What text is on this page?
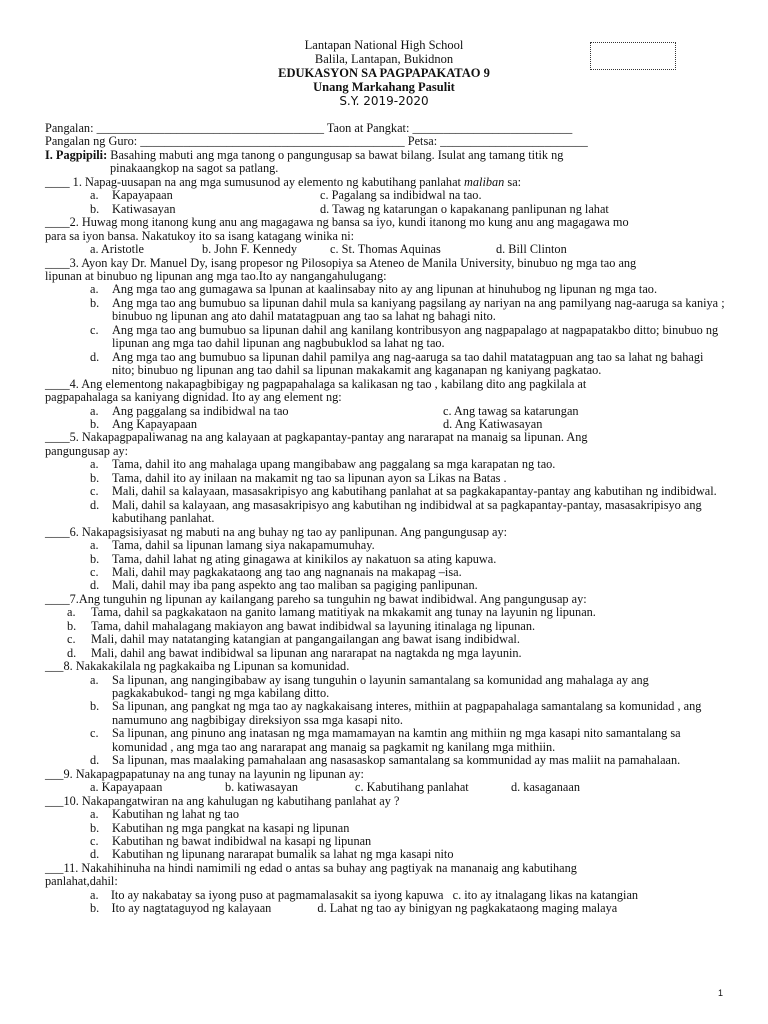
Lantapan National High School
Balila, Lantapan, Bukidnon
EDUKASYON SA PAGPAPAKATAO 9
Unang Markahang Pasulit
S.Y. 2019-2020
Pangalan: _____________________________________ Taon at Pangkat: __________________________
Pangalan ng Guro: ___________________________________________ Petsa: ________________________
I. Pagpipili: Basahing mabuti ang mga tanong o pangungusap sa bawat bilang. Isulat ang tamang titik ng
pinakaangkop na sagot sa patlang.
____ 1. Napag-uusapan na ang mga sumusunod ay elemento ng kabutihang panlahat maliban sa:
a.	Kapayapaan	c. Pagalang sa indibidwal na tao.
b.	Katiwasayan	d. Tawag ng katarungan o kapakanang panlipunan ng lahat
____2. Huwag mong itanong kung anu ang magagawa ng bansa sa iyo, kundi itanong mo kung anu ang magagawa mo
para sa iyon bansa. Nakatukoy ito sa isang katagang winika ni:
a. Aristotle	b. John F. Kennedy	c. St. Thomas Aquinas	d. Bill Clinton
____3. Ayon kay Dr. Manuel Dy, isang propesor ng Pilosopiya sa Ateneo de Manila University, binubuo ng mga tao ang
lipunan at binubuo ng lipunan ang mga tao.Ito ay nangangahulugang:
a.	Ang mga tao ang gumagawa sa lpunan at kaalinsabay nito ay ang lipunan at hinuhubog ng lipunan ng mga tao.
b.	Ang mga tao ang bumubuo sa lipunan dahil mula sa kaniyang pagsilang ay nariyan na ang pamilyang nag-aaruga sa kaniya ; binubuo ng lipunan ang ato dahil matatagpuan ang tao sa lahat ng bahagi nito.
c.	Ang mga tao ang bumubuo sa lipunan dahil ang kanilang kontribusyon ang nagpapalago at nagpapatakbo ditto; binubuo ng lipunan ang mga tao dahil lipunan ang nagbubuklod sa lahat ng tao.
d.	Ang mga tao ang bumubuo sa lipunan dahil pamilya ang nag-aaruga sa tao dahil matatagpuan ang tao sa lahat ng bahagi nito; binubuo ng lipunan ang tao dahil sa lipunan makakamit ang kaganapan ng kaniyang pagkatao.
____4. Ang elementong nakapagbibigay ng pagpapahalaga sa kalikasan ng tao , kabilang dito ang pagkilala at
pagpapahalaga sa kaniyang dignidad. Ito ay ang element ng:
a.	Ang paggalang sa indibidwal na tao	c. Ang tawag sa katarungan
b.	Ang Kapayapaan	d. Ang Katiwasayan
____5. Nakapagpapaliwanag na ang kalayaan at pagkapantay-pantay ang nararapat na manaig sa lipunan. Ang
pangungusap ay:
a.	Tama, dahil ito ang mahalaga upang mangibabaw ang paggalang sa mga karapatan ng tao.
b.	Tama, dahil ito ay inilaan na makamit ng tao sa lipunan ayon sa Likas na Batas .
c.	Mali, dahil sa kalayaan, masasakripisyo ang kabutihang panlahat at sa pagkakapantay-pantay ang kabutihan ng indibidwal.
d.	Mali, dahil sa kalayaan, ang masasakripisyo ang kabutihan ng indibidwal at sa pagkapantay-pantay, masasakripisyo ang kabutihang panlahat.
____6. Nakapagsisiyasat ng mabuti na ang buhay ng tao ay panlipunan. Ang pangungusap ay:
a.	Tama, dahil sa lipunan lamang siya nakapamumuhay.
b.	Tama, dahil lahat ng ating ginagawa at kinikilos ay nakatuon sa ating kapuwa.
c.	Mali, dahil may pagkakataong ang tao ang nagnanais na makapag –isa.
d.	Mali, dahil may iba pang aspekto ang tao maliban sa pagiging panlipunan.
____7.Ang tunguhin ng lipunan ay kailangang pareho sa tunguhin ng bawat indibidwal. Ang pangungusap ay:
a.	Tama, dahil sa pagkakataon na ganito lamang matitiyak na mkakamit ang tunay na layunin ng lipunan.
b.	Tama, dahil mahalagang makiayon ang bawat indibidwal sa layuning itinalaga ng lipunan.
c.	Mali, dahil may natatanging katangian at pangangailangan ang bawat isang indibidwal.
d.	Mali, dahil ang bawat indibidwal sa lipunan ang nararapat na nagtakda ng mga layunin.
___8. Nakakakilala ng pagkakaiba ng Lipunan sa komunidad.
a.	Sa lipunan, ang nangingibabaw ay isang tunguhin o layunin samantalang sa komunidad ang mahalaga ay ang pagkakabukod- tangi ng mga kabilang ditto.
b.	Sa lipunan, ang pangkat ng mga tao ay nagkakaisang interes, mithiin at pagpapahalaga samantalang sa komunidad , ang namumuno ang nagbibigay direksiyon ssa mga kasapi nito.
c.	Sa lipunan, ang pinuno ang inatasan ng mga mamamayan na kamtin ang mithiin ng mga kasapi nito samantalang sa komunidad , ang mga tao ang nararapat ang manaig sa pagkamit ng kanilang mga mithiin.
d.	Sa lipunan, mas maalaking pamahalaan ang nasasaskop samantalang sa kommunidad ay mas maliit na pamahalaan.
___9. Nakapagpapatunay na ang tunay na layunin ng lipunan ay:
a. Kapayapaan	b. katiwasayan	c. Kabutihang panlahat	d. kasaganaan
___10. Nakapangatwiran na ang kahulugan ng kabutihang panlahat ay ?
a.	Kabutihan ng lahat ng tao
b.	Kabutihan ng mga pangkat na kasapi ng lipunan
c.	Kabutihan ng bawat indibidwal na kasapi ng lipunan
d.	Kabutihan ng lipunang nararapat bumalik sa lahat ng mga kasapi nito
___11. Nakahihinuha na hindi namimili ng edad o antas sa buhay ang pagtiyak na mananaig ang kabutihang
panlahat,dahil:
a.    Ito ay nakabatay sa iyong puso at pagmamalasakit sa iyong kapuwa   c. ito ay itnalagang likas na katangian
b.    Ito ay nagtataguyod ng kalayaan               d. Lahat ng tao ay binigyan ng pagkakataong maging malaya
1
